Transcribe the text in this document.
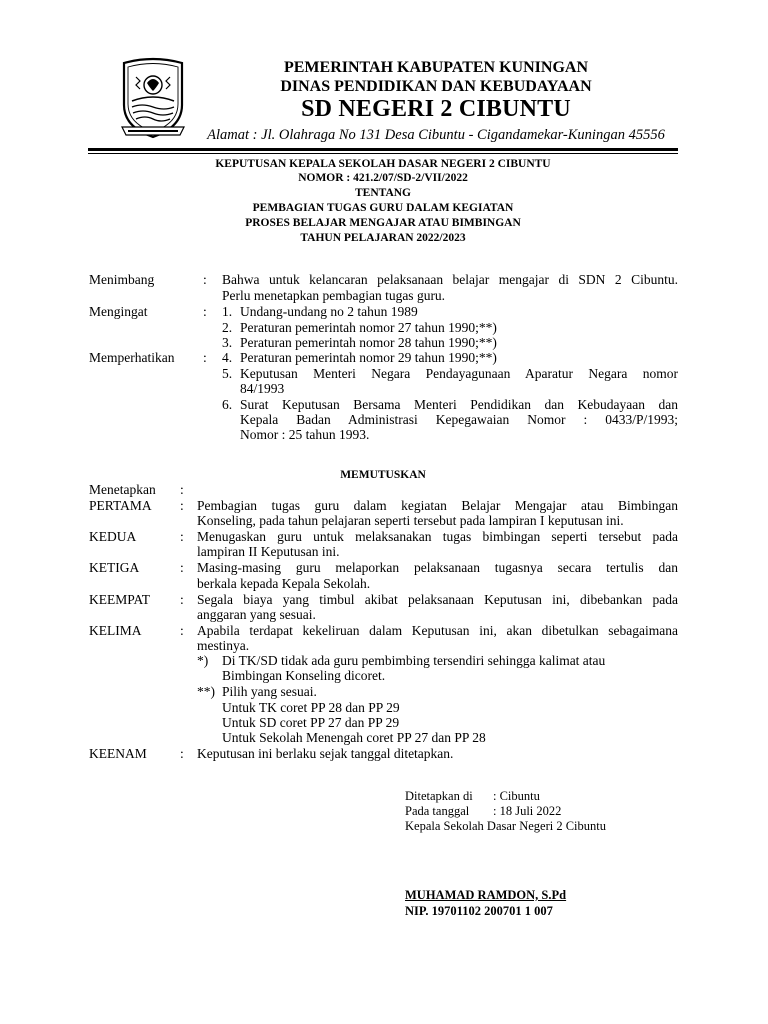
PEMERINTAH KABUPATEN KUNINGAN
DINAS PENDIDIKAN DAN KEBUDAYAAN
SD NEGERI 2 CIBUNTU
Alamat : Jl. Olahraga No 131 Desa Cibuntu - Cigandamekar-Kuningan 45556
KEPUTUSAN KEPALA SEKOLAH DASAR NEGERI 2 CIBUNTU
NOMOR : 421.2/07/SD-2/VII/2022
TENTANG
PEMBAGIAN TUGAS GURU DALAM KEGIATAN
PROSES BELAJAR MENGAJAR ATAU BIMBINGAN
TAHUN PELAJARAN 2022/2023
Menimbang	: Bahwa untuk kelancaran pelaksanaan belajar mengajar di SDN 2 Cibuntu.
Perlu menetapkan pembagian tugas guru.
Mengingat	: 1. Undang-undang no 2 tahun 1989
2. Peraturan pemerintah nomor 27 tahun 1990;**)
3. Peraturan pemerintah nomor 28 tahun 1990;**)
Memperhatikan : 4. Peraturan pemerintah nomor 29 tahun 1990;**)
5. Keputusan Menteri Negara Pendayagunaan Aparatur Negara nomor
84/1993
6. Surat Keputusan Bersama Menteri Pendidikan dan Kebudayaan dan
Kepala Badan Administrasi Kepegawaian Nomor : 0433/P/1993;
Nomor : 25 tahun 1993.
MEMUTUSKAN
Menetapkan :
PERTAMA : Pembagian tugas guru dalam kegiatan Belajar Mengajar atau Bimbingan
Konseling, pada tahun pelajaran seperti tersebut pada lampiran I keputusan ini.
KEDUA	: Menugaskan guru untuk melaksanakan tugas bimbingan seperti tersebut pada
lampiran II Keputusan ini.
KETIGA	: Masing-masing guru melaporkan pelaksanaan tugasnya secara tertulis dan
berkala kepada Kepala Sekolah.
KEEMPAT : Segala biaya yang timbul akibat pelaksanaan Keputusan ini, dibebankan pada
anggaran yang sesuai.
KELIMA	: Apabila terdapat kekeliruan dalam Keputusan ini, akan dibetulkan sebagaimana
mestinya.
*) Di TK/SD tidak ada guru pembimbing tersendiri sehingga kalimat atau
Bimbingan Konseling dicoret.
**) Pilih yang sesuai.
Untuk TK coret PP 28 dan PP 29
Untuk SD coret PP 27 dan PP 29
Untuk Sekolah Menengah coret PP 27 dan PP 28
KEENAM : Keputusan ini berlaku sejak tanggal ditetapkan.
Ditetapkan di : Cibuntu
Pada tanggal : 18 Juli 2022
Kepala Sekolah Dasar Negeri 2 Cibuntu
MUHAMAD RAMDON, S.Pd
NIP. 19701102 200701 1 007
